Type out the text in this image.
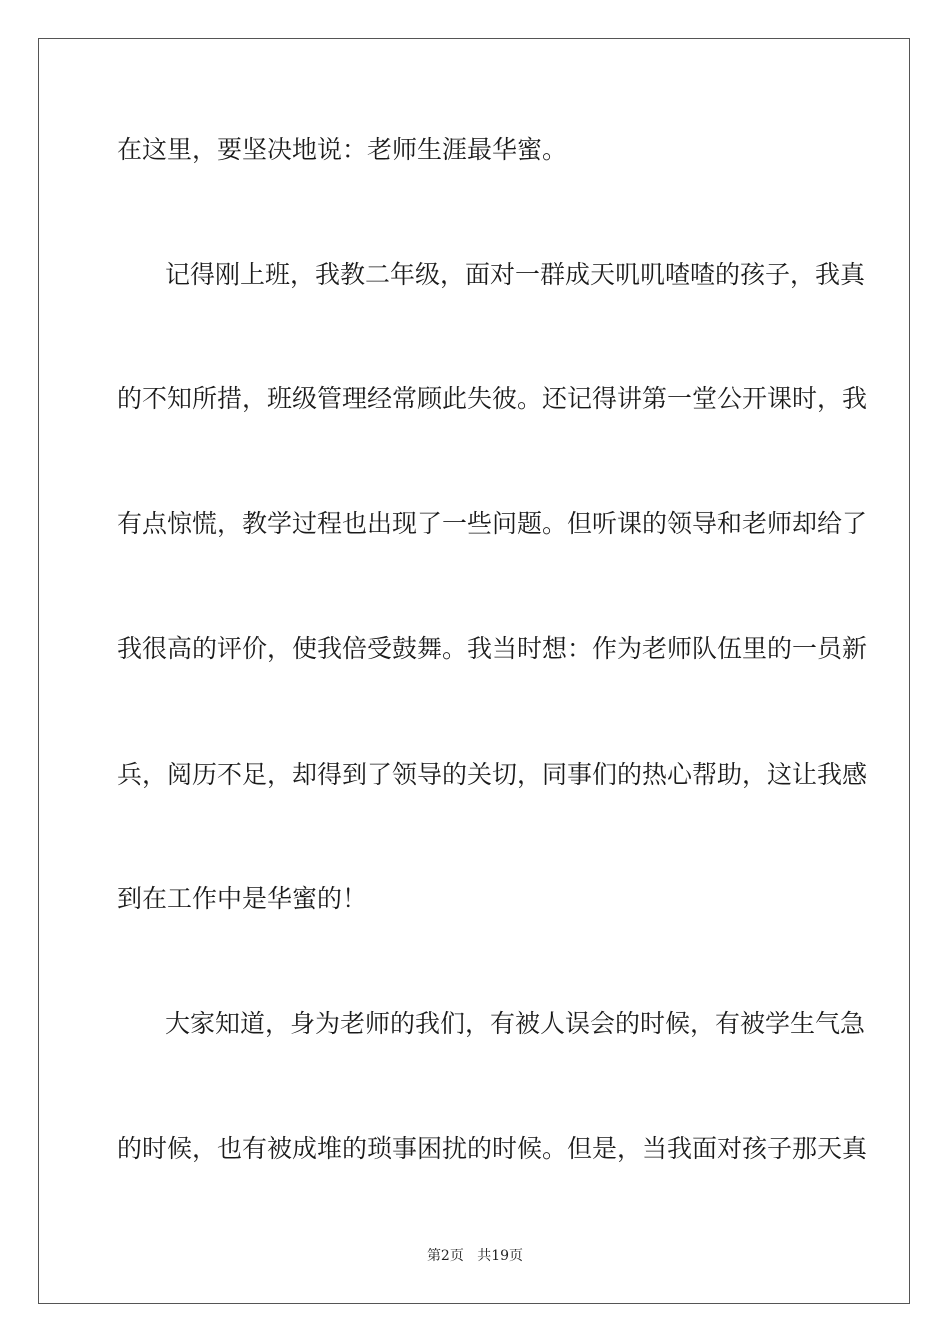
在这里，要坚决地说：老师生涯最华蜜。

记得刚上班，我教二年级，面对一群成天叽叽喳喳的孩子，我真

的不知所措，班级管理经常顾此失彼。还记得讲第一堂公开课时，我

有点惊慌，教学过程也出现了一些问题。但听课的领导和老师却给了

我很高的评价，使我倍受鼓舞。我当时想：作为老师队伍里的一员新

兵，阅历不足，却得到了领导的关切，同事们的热心帮助，这让我感

到在工作中是华蜜的！

大家知道，身为老师的我们，有被人误会的时候，有被学生气急

的时候，也有被成堆的琐事困扰的时候。但是，当我面对孩子那天真

第2页 共19页
